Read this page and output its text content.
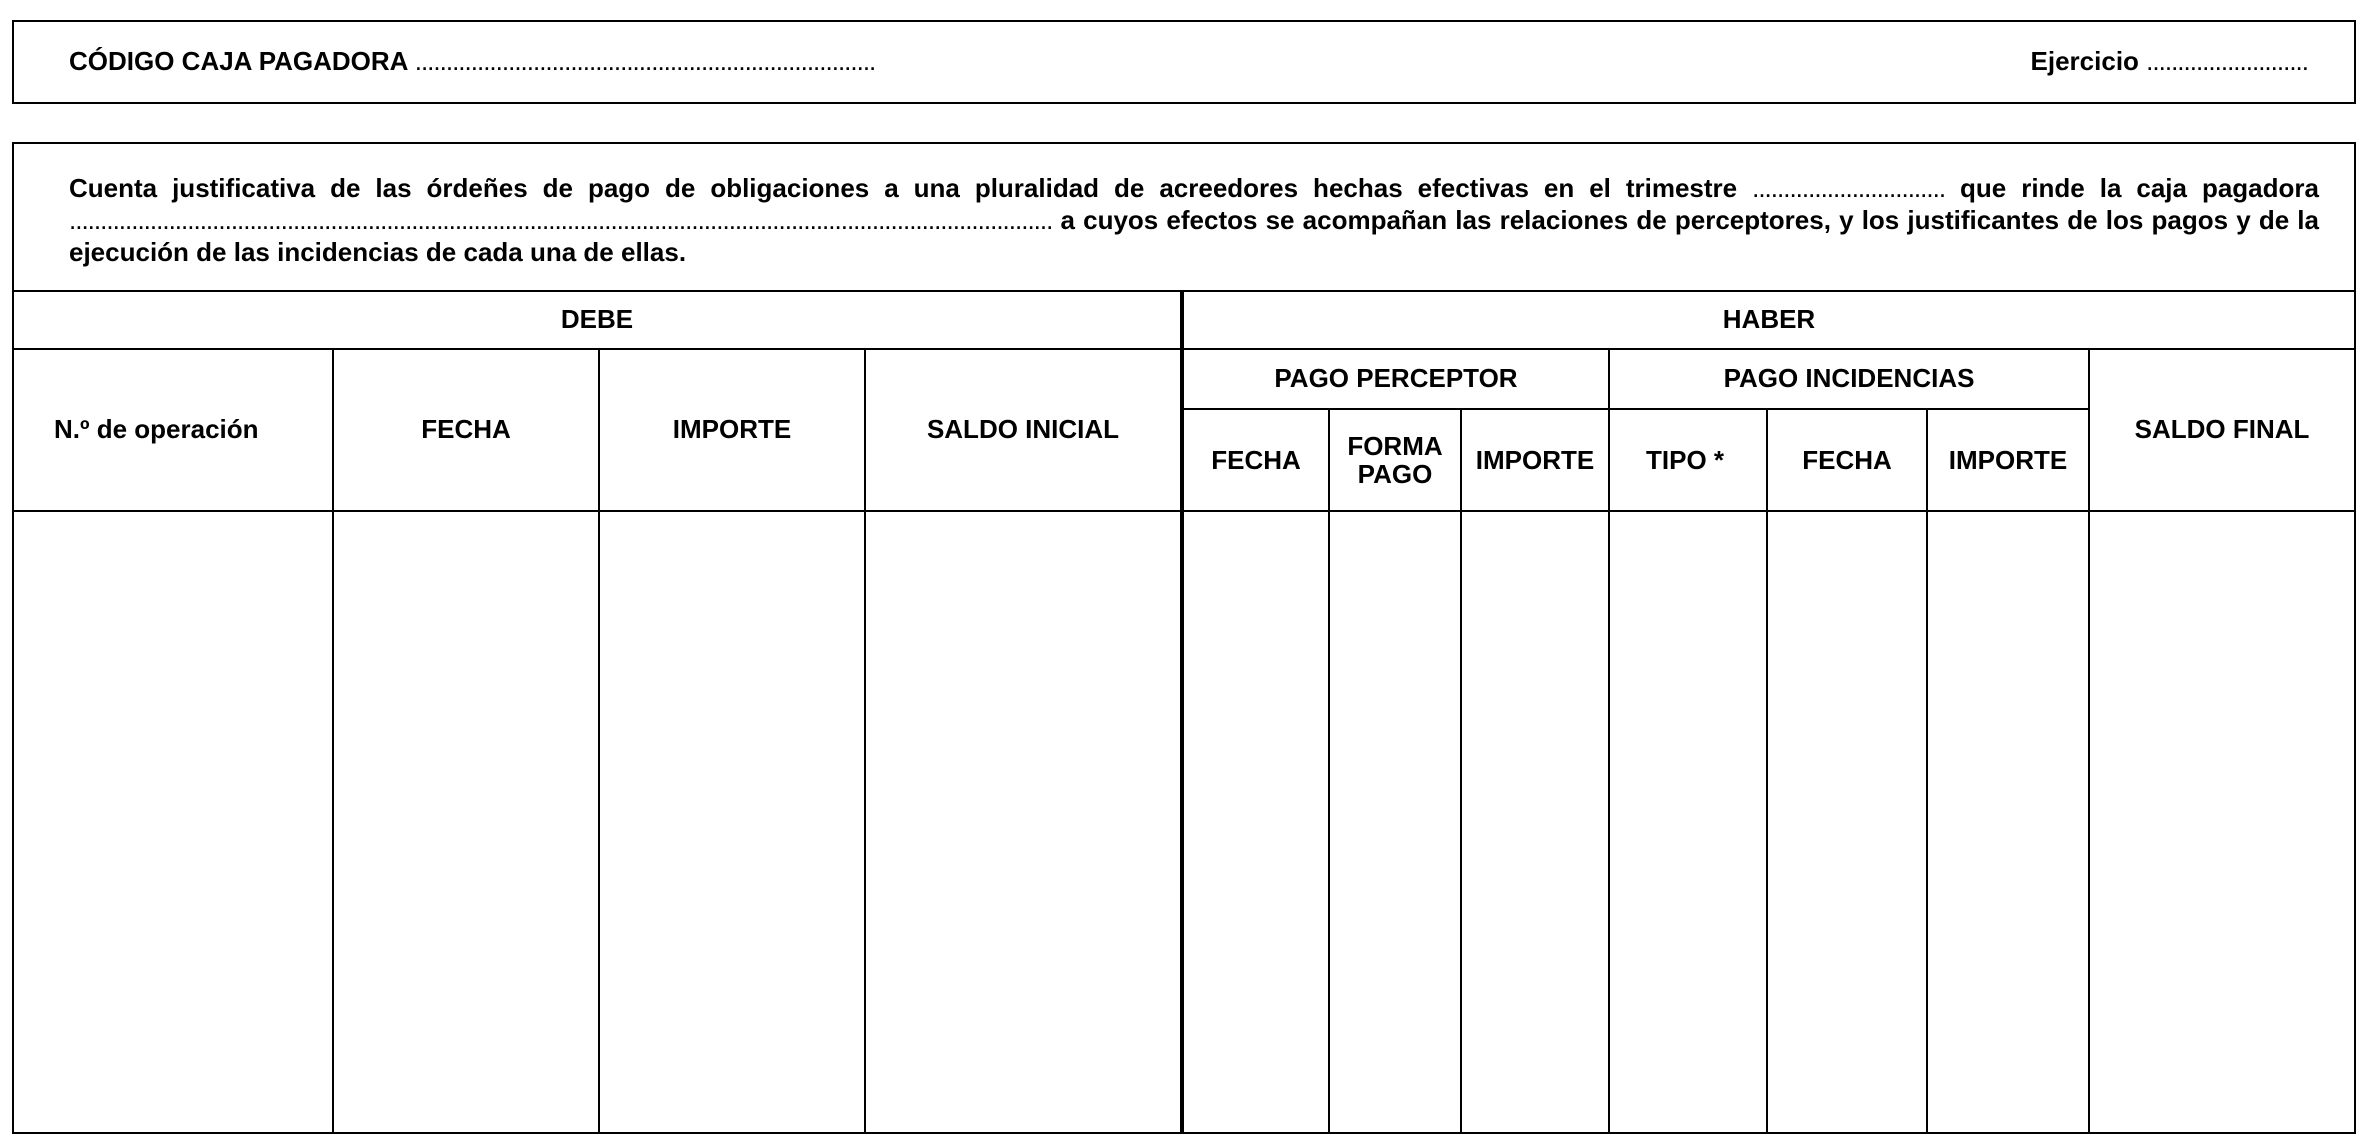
CÓDIGO CAJA PAGADORA ..........................................................................	Ejercicio ..........................
Cuenta justificativa de las órdeñes de pago de obligaciones a una pluralidad de acreedores hechas efectivas en el trimestre ............................... que rinde la caja pagadora .............................................................................................................................................................. a cuyos efectos se acompañan las relaciones de perceptores, y los justificantes de los pagos y de la ejecución de las incidencias de cada una de ellas.
DEBE	HABER
N.º de operación	FECHA	IMPORTE	SALDO INICIAL
PAGO PERCEPTOR	PAGO INCIDENCIAS
SALDO FINAL
FECHA	FORMA PAGO	IMPORTE	TIPO *	FECHA	IMPORTE
